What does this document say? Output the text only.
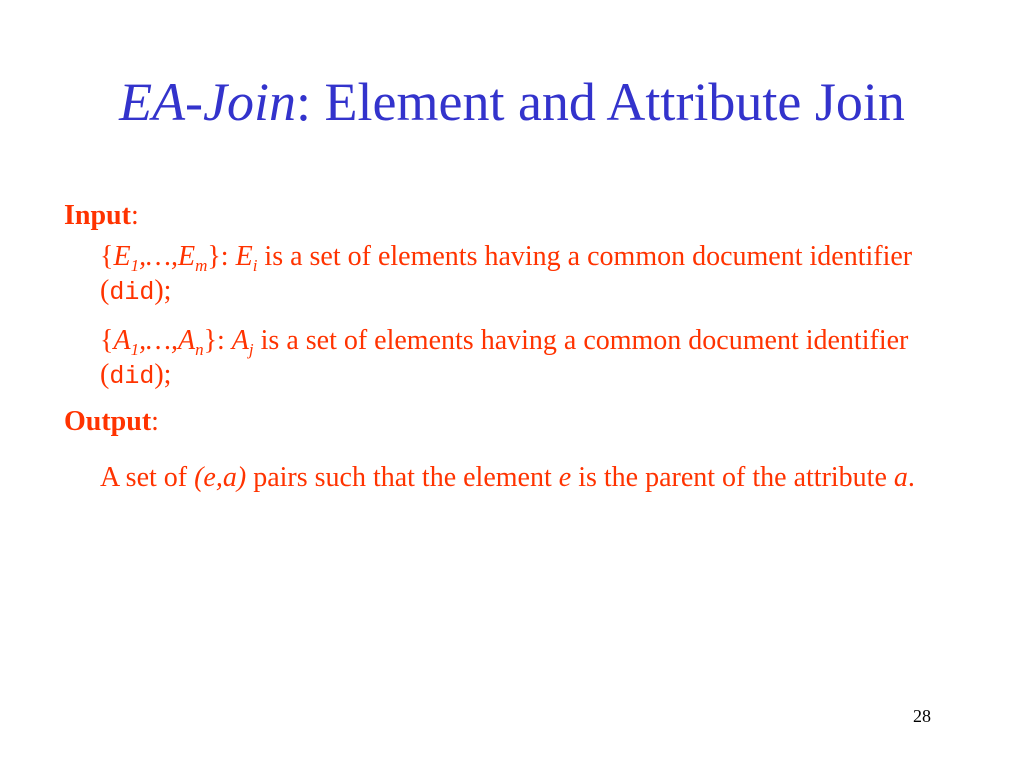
EA-Join: Element and Attribute Join
Input:
$\{E_1,\dots,E_m\}$: $E_i$ is a set of elements having a common document identifier (did);
$\{A_1,\dots,A_n\}$: $A_j$ is a set of elements having a common document identifier (did);
Output:
A set of (e,a) pairs such that the element e is the parent of the attribute a.
28
